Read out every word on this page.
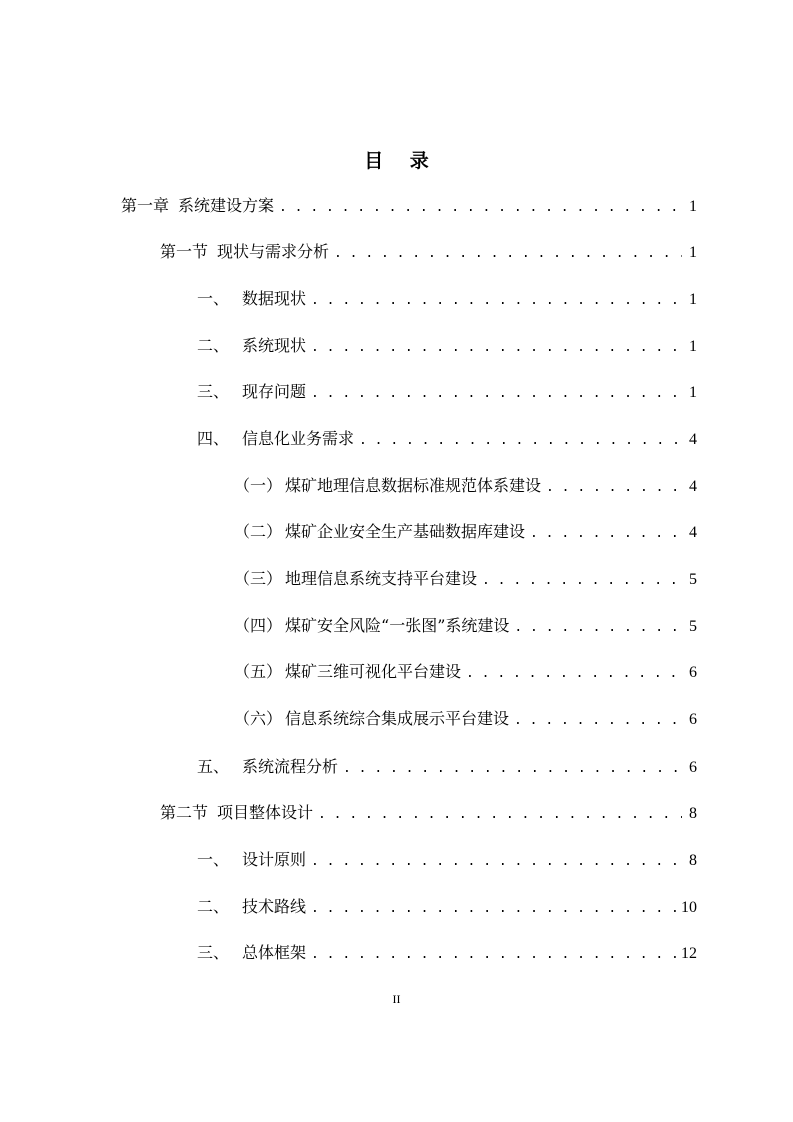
目 录
第一章 系统建设方案 . . .	1
第一节 现状与需求分析 . . .	1
一、 数据现状 . . .	1
二、 系统现状 . . .	1
三、 现存问题 . . .	1
四、 信息化业务需求 . . .	4
（一） 煤矿地理信息数据标准规范体系建设 . . .	4
（二） 煤矿企业安全生产基础数据库建设 . . .	4
（三） 地理信息系统支持平台建设 . . .	5
（四） 煤矿安全风险“一张图”系统建设 . . .	5
（五） 煤矿三维可视化平台建设 . . .	6
（六） 信息系统综合集成展示平台建设 . . .	6
五、 系统流程分析 . . .	6
第二节 项目整体设计 . . .	8
一、 设计原则 . . .	8
二、 技术路线 . . .	10
三、 总体框架 . . .	12
II
